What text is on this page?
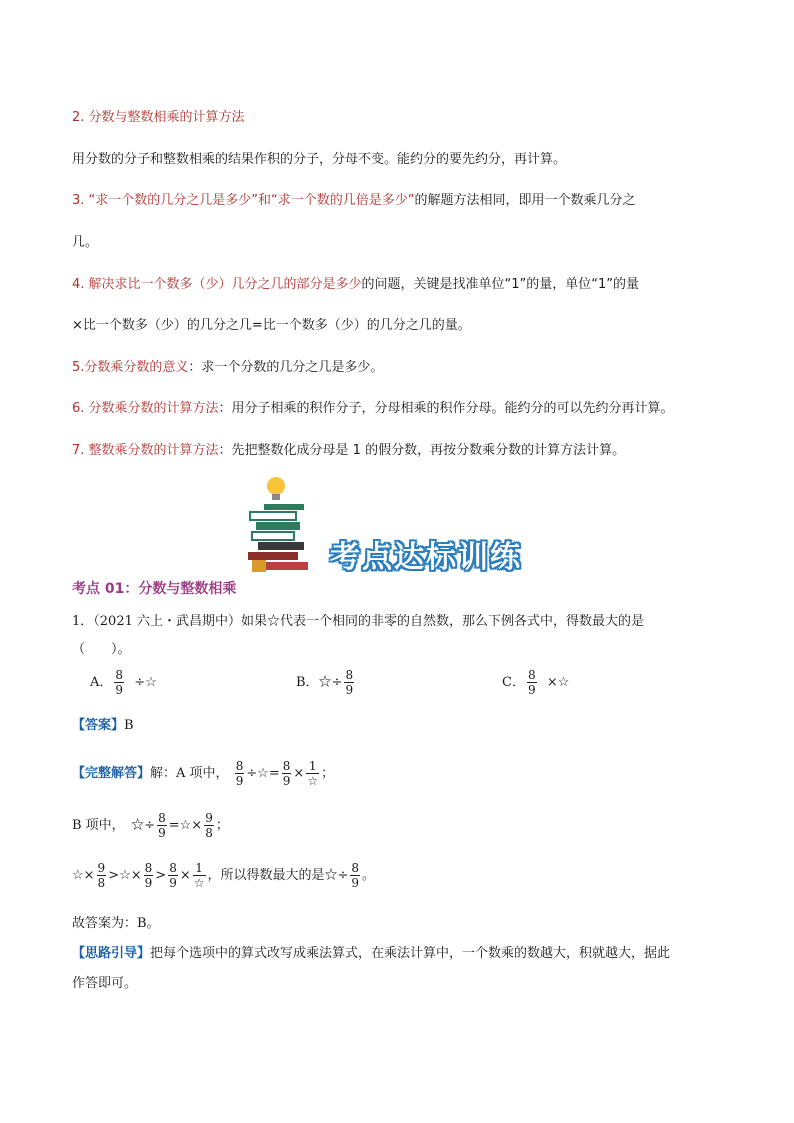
2. 分数与整数相乘的计算方法
用分数的分子和整数相乘的结果作积的分子，分母不变。能约分的要先约分，再计算。
3. “求一个数的几分之几是多少”和“求一个数的几倍是多少”的解题方法相同，即用一个数乘几分之
几。
4. 解决求比一个数多（少）几分之几的部分是多少的问题，关键是找准单位“1”的量，单位“1”的量
×比一个数多（少）的几分之几=比一个数多（少）的几分之几的量。
5.分数乘分数的意义：求一个分数的几分之几是多少。
6. 分数乘分数的计算方法：用分子相乘的积作分子，分母相乘的积作分母。能约分的可以先约分再计算。
7. 整数乘分数的计算方法：先把整数化成分母是 1 的假分数，再按分数乘分数的计算方法计算。
考点达标训练
考点 01：分数与整数相乘
1．（2021 六上・武昌期中）如果☆代表一个相同的非零的自然数，那么下例各式中，得数最大的是
（　　）。
A． $\frac{8}{9}$ ÷☆	B．☆÷ $\frac{8}{9}$	C． $\frac{8}{9}$ ×☆
【答案】B
【完整解答】解：A 项中， $\frac{8}{9}$ ÷☆= $\frac{8}{9} \times \frac{1}{☆}$ ；
B 项中，　☆÷ $\frac{8}{9}$ =☆× $\frac{9}{8}$ ；
☆× $\frac{9}{8}$ >☆× $\frac{8}{9} > \frac{8}{9} \times \frac{1}{☆}$ ，所以得数最大的是☆÷ $\frac{8}{9}$ 。
故答案为：B。
【思路引导】把每个选项中的算式改写成乘法算式，在乘法计算中，一个数乘的数越大，积就越大，据此
作答即可。
